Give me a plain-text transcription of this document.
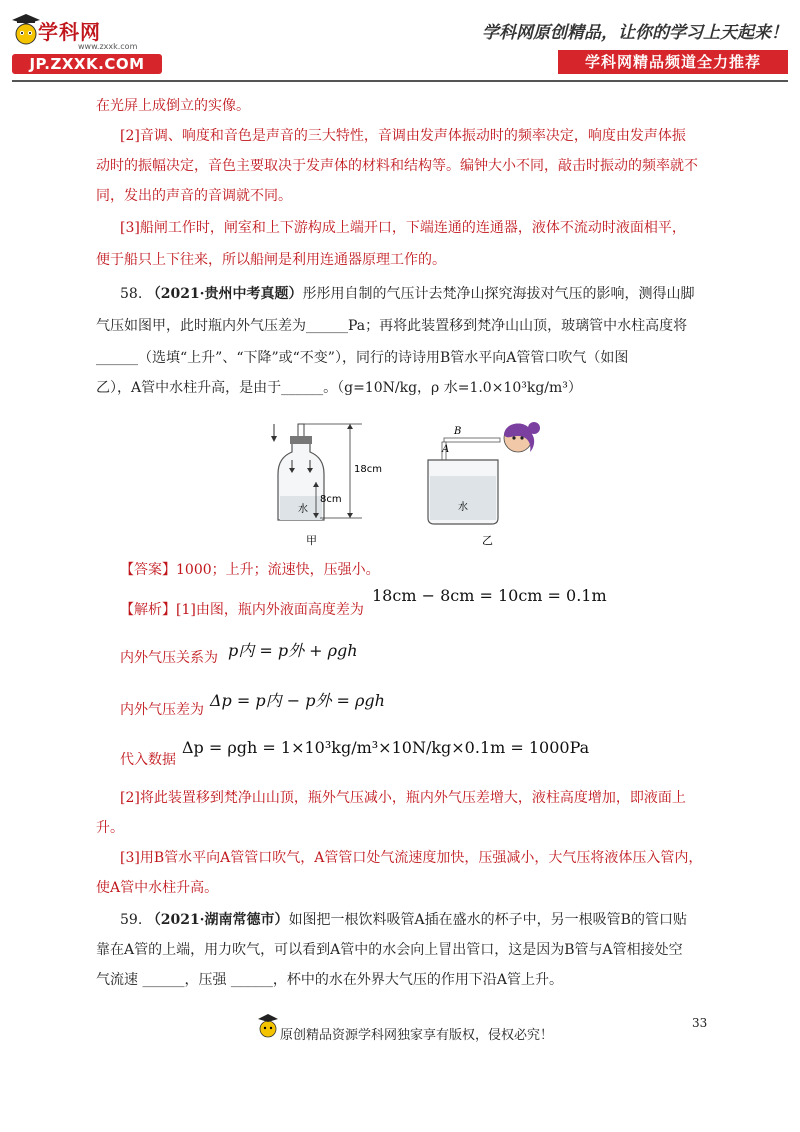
学科网
www.zxxk.com
JP.ZXXK.COM
学科网原创精品，让你的学习上天起来！
学科网精品频道全力推荐
在光屏上成倒立的实像。
[2]音调、响度和音色是声音的三大特性，音调由发声体振动时的频率决定，响度由发声体振
动时的振幅决定，音色主要取决于发声体的材料和结构等。编钟大小不同，敲击时振动的频率就不
同，发出的声音的音调就不同。
[3]船闸工作时，闸室和上下游构成上端开口，下端连通的连通器，液体不流动时液面相平，
便于船只上下往来，所以船闸是利用连通器原理工作的。
58. （2021·贵州中考真题）彤彤用自制的气压计去梵净山探究海拔对气压的影响，测得山脚
气压如图甲，此时瓶内外气压差为______Pa；再将此装置移到梵净山山顶，玻璃管中水柱高度将
______（选填“上升”、“下降”或“不变”），同行的诗诗用B管水平向A管管口吹气（如图
乙），A管中水柱升高，是由于______。（g=10N/kg，ρ 水=1.0×10³kg/m³）
18cm
8cm
水
甲
B
A
水
乙
【答案】1000；上升；流速快，压强小。
【解析】[1]由图，瓶内外液面高度差为
18cm − 8cm = 10cm = 0.1m
内外气压关系为 p内 = p外 + ρgh
内外气压差为 Δp = p内 − p外 = ρgh
代入数据
Δp = ρgh = 1×10³kg/m³×10N/kg×0.1m = 1000Pa
[2]将此装置移到梵净山山顶，瓶外气压减小，瓶内外气压差增大，液柱高度增加，即液面上
升。
[3]用B管水平向A管管口吹气，A管管口处气流速度加快，压强减小，大气压将液体压入管内，
使A管中水柱升高。
59. （2021·湖南常德市）如图把一根饮料吸管A插在盛水的杯子中，另一根吸管B的管口贴
靠在A管的上端，用力吹气，可以看到A管中的水会向上冒出管口，这是因为B管与A管相接处空
气流速 ______，压强 ______，杯中的水在外界大气压的作用下沿A管上升。
33
原创精品资源学科网独家享有版权，侵权必究！
